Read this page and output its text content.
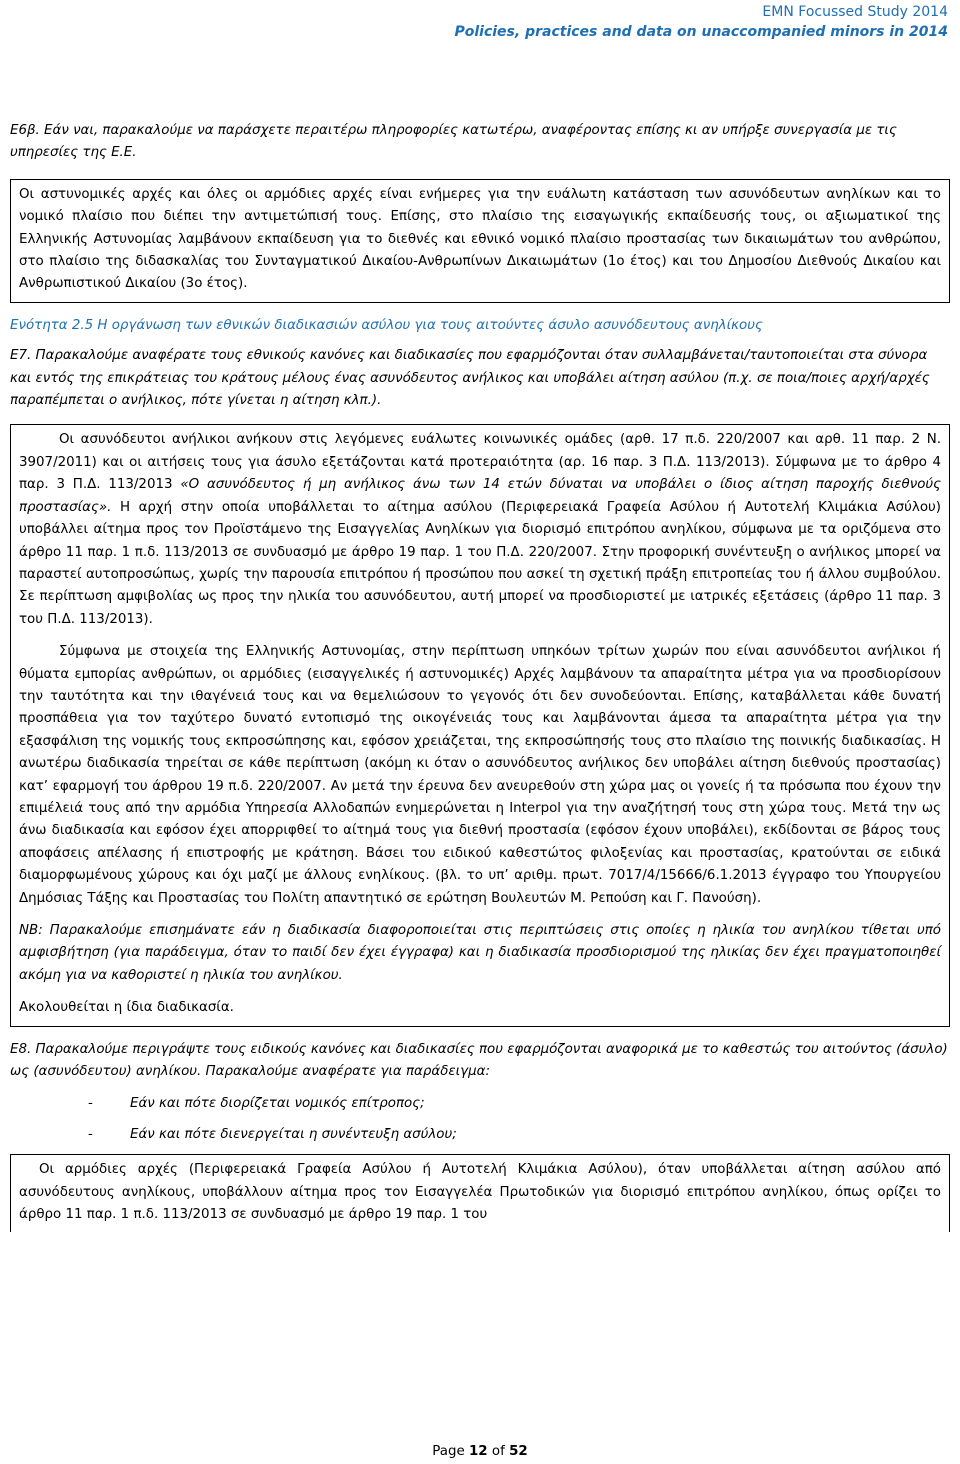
EMN Focussed Study 2014
Policies, practices and data on unaccompanied minors in 2014

Ε6β. Εάν ναι, παρακαλούμε να παράσχετε περαιτέρω πληροφορίες κατωτέρω, αναφέροντας επίσης κι αν υπήρξε συνεργασία με τις υπηρεσίες της Ε.Ε.

Οι αστυνομικές αρχές και όλες οι αρμόδιες αρχές είναι ενήμερες για την ευάλωτη κατάσταση των ασυνόδευτων ανηλίκων και το νομικό πλαίσιο που διέπει την αντιμετώπισή τους. Επίσης, στο πλαίσιο της εισαγωγικής εκπαίδευσής τους, οι αξιωματικοί της Ελληνικής Αστυνομίας λαμβάνουν εκπαίδευση για το διεθνές και εθνικό νομικό πλαίσιο προστασίας των δικαιωμάτων του ανθρώπου, στο πλαίσιο της διδασκαλίας του Συνταγματικού Δικαίου-Ανθρωπίνων Δικαιωμάτων (1ο έτος) και του Δημοσίου Διεθνούς Δικαίου και Ανθρωπιστικού Δικαίου (3ο έτος).

Ενότητα 2.5 Η οργάνωση των εθνικών διαδικασιών ασύλου για τους αιτούντες άσυλο ασυνόδευτους ανηλίκους

Ε7. Παρακαλούμε αναφέρατε τους εθνικούς κανόνες και διαδικασίες που εφαρμόζονται όταν συλλαμβάνεται/ταυτοποιείται στα σύνορα και εντός της επικράτειας του κράτους μέλους ένας ασυνόδευτος ανήλικος και υποβάλει αίτηση ασύλου (π.χ. σε ποια/ποιες αρχή/αρχές παραπέμπεται ο ανήλικος, πότε γίνεται η αίτηση κλπ.).

Οι ασυνόδευτοι ανήλικοι ανήκουν στις λεγόμενες ευάλωτες κοινωνικές ομάδες (αρθ. 17 π.δ. 220/2007 και αρθ. 11 παρ. 2 Ν. 3907/2011) και οι αιτήσεις τους για άσυλο εξετάζονται κατά προτεραιότητα (αρ. 16 παρ. 3 Π.Δ. 113/2013). Σύμφωνα με το άρθρο 4 παρ. 3 Π.Δ. 113/2013 «Ο ασυνόδευτος ή μη ανήλικος άνω των 14 ετών δύναται να υποβάλει ο ίδιος αίτηση παροχής διεθνούς προστασίας». Η αρχή στην οποία υποβάλλεται το αίτημα ασύλου (Περιφερειακά Γραφεία Ασύλου ή Αυτοτελή Κλιμάκια Ασύλου) υποβάλλει αίτημα προς τον Προϊστάμενο της Εισαγγελίας Ανηλίκων για διορισμό επιτρόπου ανηλίκου, σύμφωνα με τα οριζόμενα στο άρθρο 11 παρ. 1 π.δ. 113/2013 σε συνδυασμό με άρθρο 19 παρ. 1 του Π.Δ. 220/2007. Στην προφορική συνέντευξη ο ανήλικος μπορεί να παραστεί αυτοπροσώπως, χωρίς την παρουσία επιτρόπου ή προσώπου που ασκεί τη σχετική πράξη επιτροπείας του ή άλλου συμβούλου. Σε περίπτωση αμφιβολίας ως προς την ηλικία του ασυνόδευτου, αυτή μπορεί να προσδιοριστεί με ιατρικές εξετάσεις (άρθρο 11 παρ. 3 του Π.Δ. 113/2013).

Σύμφωνα με στοιχεία της Ελληνικής Αστυνομίας, στην περίπτωση υπηκόων τρίτων χωρών που είναι ασυνόδευτοι ανήλικοι ή θύματα εμπορίας ανθρώπων, οι αρμόδιες (εισαγγελικές ή αστυνομικές) Αρχές λαμβάνουν τα απαραίτητα μέτρα για να προσδιορίσουν την ταυτότητα και την ιθαγένειά τους και να θεμελιώσουν το γεγονός ότι δεν συνοδεύονται. Επίσης, καταβάλλεται κάθε δυνατή προσπάθεια για τον ταχύτερο δυνατό εντοπισμό της οικογένειάς τους και λαμβάνονται άμεσα τα απαραίτητα μέτρα για την εξασφάλιση της νομικής τους εκπροσώπησης και, εφόσον χρειάζεται, της εκπροσώπησής τους στο πλαίσιο της ποινικής διαδικασίας. Η ανωτέρω διαδικασία τηρείται σε κάθε περίπτωση (ακόμη κι όταν ο ασυνόδευτος ανήλικος δεν υποβάλει αίτηση διεθνούς προστασίας) κατ’ εφαρμογή του άρθρου 19 π.δ. 220/2007. Αν μετά την έρευνα δεν ανευρεθούν στη χώρα μας οι γονείς ή τα πρόσωπα που έχουν την επιμέλειά τους από την αρμόδια Υπηρεσία Αλλοδαπών ενημερώνεται η Interpol για την αναζήτησή τους στη χώρα τους. Μετά την ως άνω διαδικασία και εφόσον έχει απορριφθεί το αίτημά τους για διεθνή προστασία (εφόσον έχουν υποβάλει), εκδίδονται σε βάρος τους αποφάσεις απέλασης ή επιστροφής με κράτηση. Βάσει του ειδικού καθεστώτος φιλοξενίας και προστασίας, κρατούνται σε ειδικά διαμορφωμένους χώρους και όχι μαζί με άλλους ενηλίκους. (βλ. το υπ’ αριθμ. πρωτ. 7017/4/15666/6.1.2013 έγγραφο του Υπουργείου Δημόσιας Τάξης και Προστασίας του Πολίτη απαντητικό σε ερώτηση Βουλευτών Μ. Ρεπούση και Γ. Πανούση).

ΝΒ: Παρακαλούμε επισημάνατε εάν η διαδικασία διαφοροποιείται στις περιπτώσεις στις οποίες η ηλικία του ανηλίκου τίθεται υπό αμφισβήτηση (για παράδειγμα, όταν το παιδί δεν έχει έγγραφα) και η διαδικασία προσδιορισμού της ηλικίας δεν έχει πραγματοποιηθεί ακόμη για να καθοριστεί η ηλικία του ανηλίκου.

Ακολουθείται η ίδια διαδικασία.

Ε8. Παρακαλούμε περιγράψτε τους ειδικούς κανόνες και διαδικασίες που εφαρμόζονται αναφορικά με το καθεστώς του αιτούντος (άσυλο) ως (ασυνόδευτου) ανηλίκου. Παρακαλούμε αναφέρατε για παράδειγμα:

-	Εάν και πότε διορίζεται νομικός επίτροπος;
-	Εάν και πότε διενεργείται η συνέντευξη ασύλου;

Οι αρμόδιες αρχές (Περιφερειακά Γραφεία Ασύλου ή Αυτοτελή Κλιμάκια Ασύλου), όταν υποβάλλεται αίτηση ασύλου από ασυνόδευτους ανηλίκους, υποβάλλουν αίτημα προς τον Εισαγγελέα Πρωτοδικών για διορισμό επιτρόπου ανηλίκου, όπως ορίζει το άρθρο 11 παρ. 1 π.δ. 113/2013 σε συνδυασμό με άρθρο 19 παρ. 1 του

Page 12 of 52
